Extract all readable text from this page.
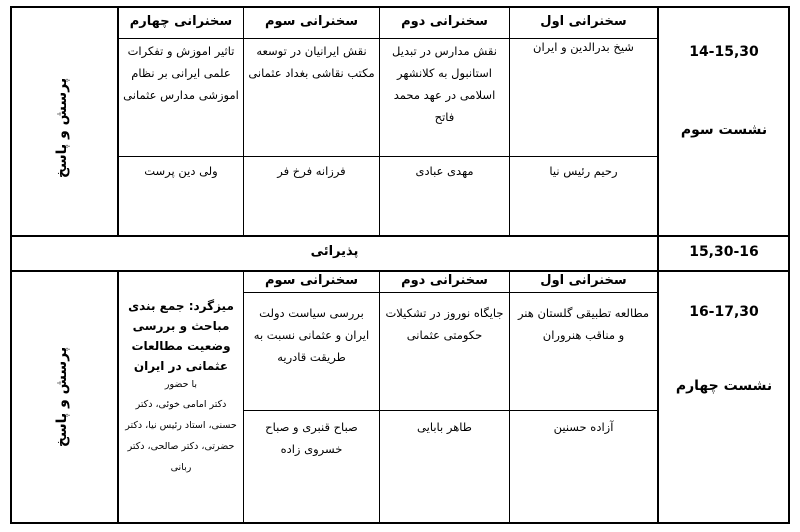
14-15,30
نشست سوم
سخنرانی اول
سخنرانی دوم
سخنرانی سوم
سخنرانی چهارم
شیخ بدرالدین و ایران
نقش مدارس در تبدیل استانبول به کلانشهر اسلامی در عهد محمد فاتح
نقش ایرانیان در توسعه مکتب نقاشی بغداد عثمانی
تاثیر اموزش و تفکرات علمی ایرانی بر نظام اموزشی مدارس عثمانی
رحیم رئیس نیا
مهدی عبادی
فرزانه فرخ فر
ولی دین پرست
پرسش و پاسخ
15,30-16
پذیرائی
16-17,30
نشست چهارم
سخنرانی اول
سخنرانی دوم
سخنرانی سوم
مطالعه تطبیقی گلستان هنر و مناقب هنروران
جایگاه نوروز در تشکیلات حکومتی عثمانی
بررسی سیاست دولت ایران و عثمانی نسبت به طریقت قادریه
آزاده حسنین
طاهر بابایی
صباح قنبری و صباح خسروی زاده
میزگرد: جمع بندی مباحث و بررسی وضعیت مطالعات عثمانی در ایران
با حضور
دکتر امامی خوئی، دکتر حسنی، استاد رئیس نیا، دکتر حضرتی، دکتر صالحی، دکتر ربانی
پرسش و پاسخ
